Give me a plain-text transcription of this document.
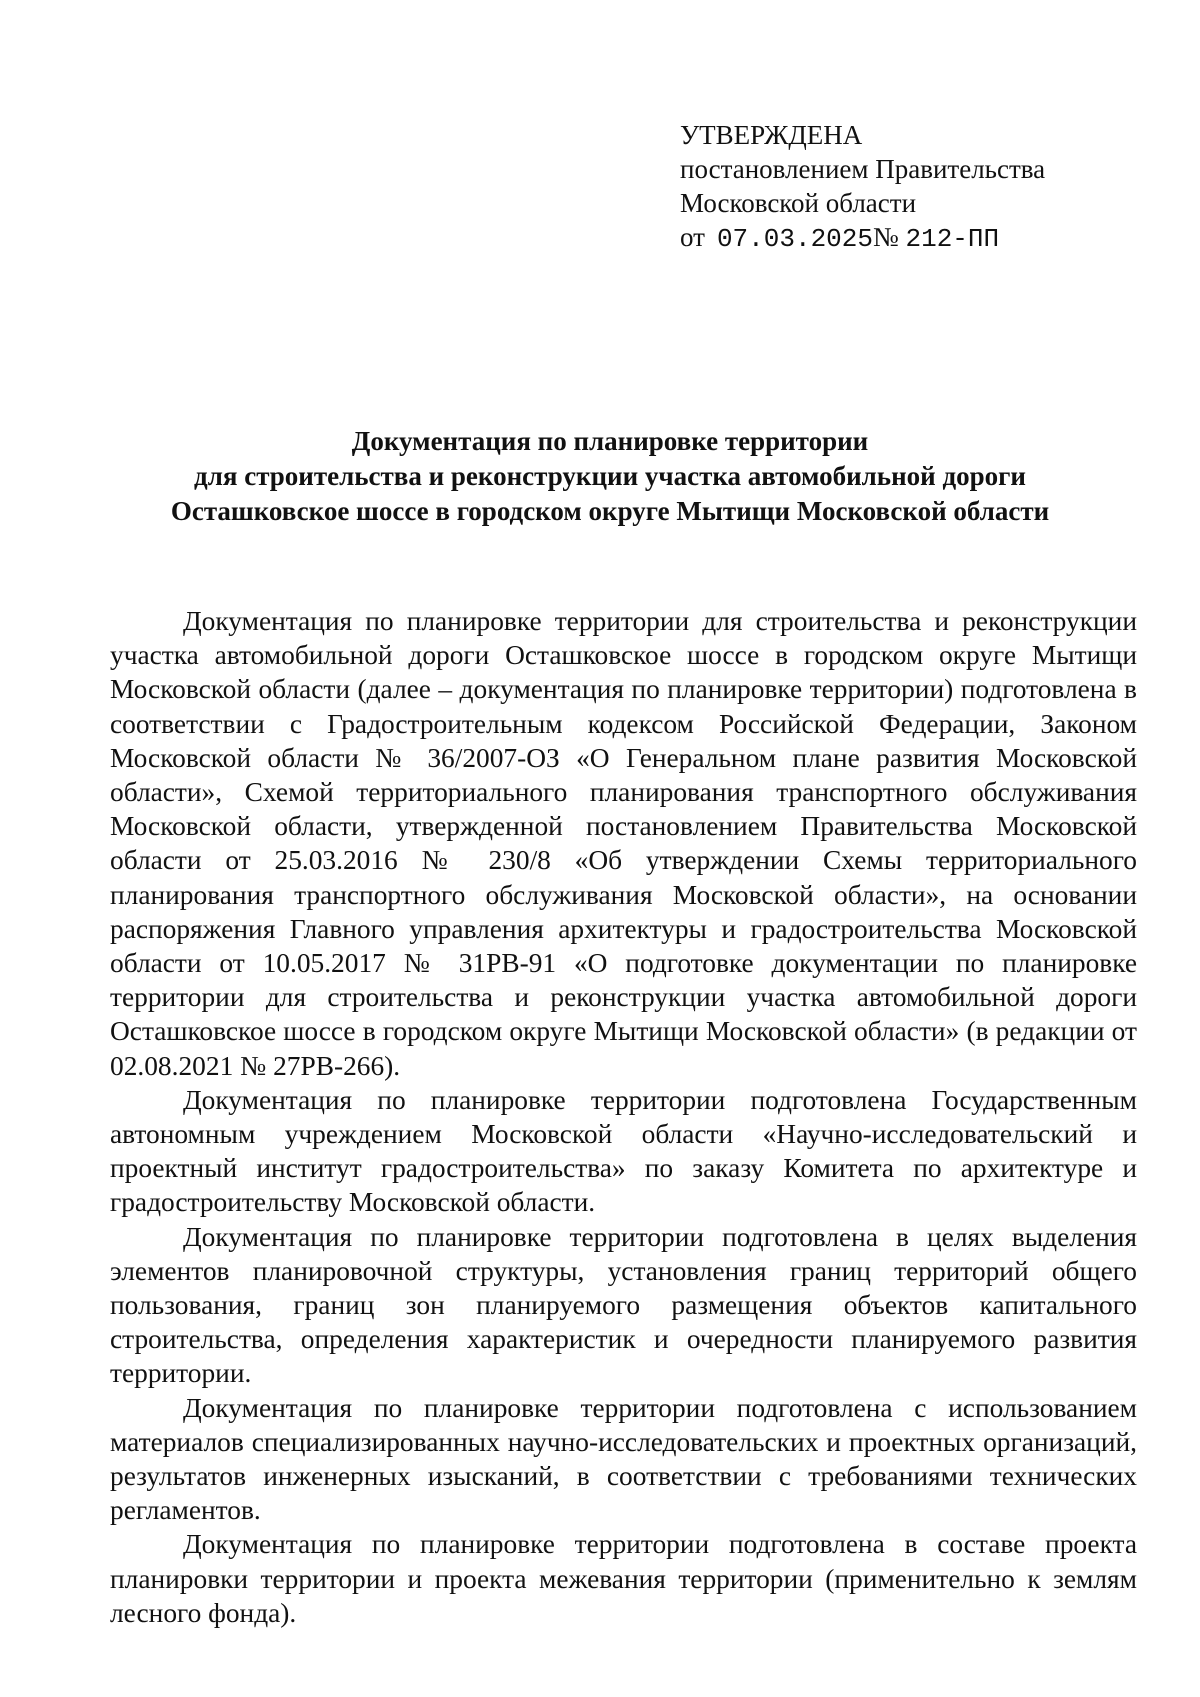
УТВЕРЖДЕНА
постановлением Правительства
Московской области
от 07.03.2025№ 212-ПП
Документация по планировке территории
для строительства и реконструкции участка автомобильной дороги
Осташковское шоссе в городском округе Мытищи Московской области

Документация по планировке территории для строительства и реконструкции участка автомобильной дороги Осташковское шоссе в городском округе Мытищи Московской области (далее – документация по планировке территории) подготовлена в соответствии с Градостроительным кодексом Российской Федерации, Законом Московской области № 36/2007-ОЗ «О Генеральном плане развития Московской области», Схемой территориального планирования транспортного обслуживания Московской области, утвержденной постановлением Правительства Московской области от 25.03.2016 № 230/8 «Об утверждении Схемы территориального планирования транспортного обслуживания Московской области», на основании распоряжения Главного управления архитектуры и градостроительства Московской области от 10.05.2017 № 31РВ-91 «О подготовке документации по планировке территории для строительства и реконструкции участка автомобильной дороги Осташковское шоссе в городском округе Мытищи Московской области» (в редакции от 02.08.2021 № 27РВ-266).

Документация по планировке территории подготовлена Государственным автономным учреждением Московской области «Научно-исследовательский и проектный институт градостроительства» по заказу Комитета по архитектуре и градостроительству Московской области.

Документация по планировке территории подготовлена в целях выделения элементов планировочной структуры, установления границ территорий общего пользования, границ зон планируемого размещения объектов капитального строительства, определения характеристик и очередности планируемого развития территории.

Документация по планировке территории подготовлена с использованием материалов специализированных научно-исследовательских и проектных организаций, результатов инженерных изысканий, в соответствии с требованиями технических регламентов.

Документация по планировке территории подготовлена в составе проекта планировки территории и проекта межевания территории (применительно к землям лесного фонда).
